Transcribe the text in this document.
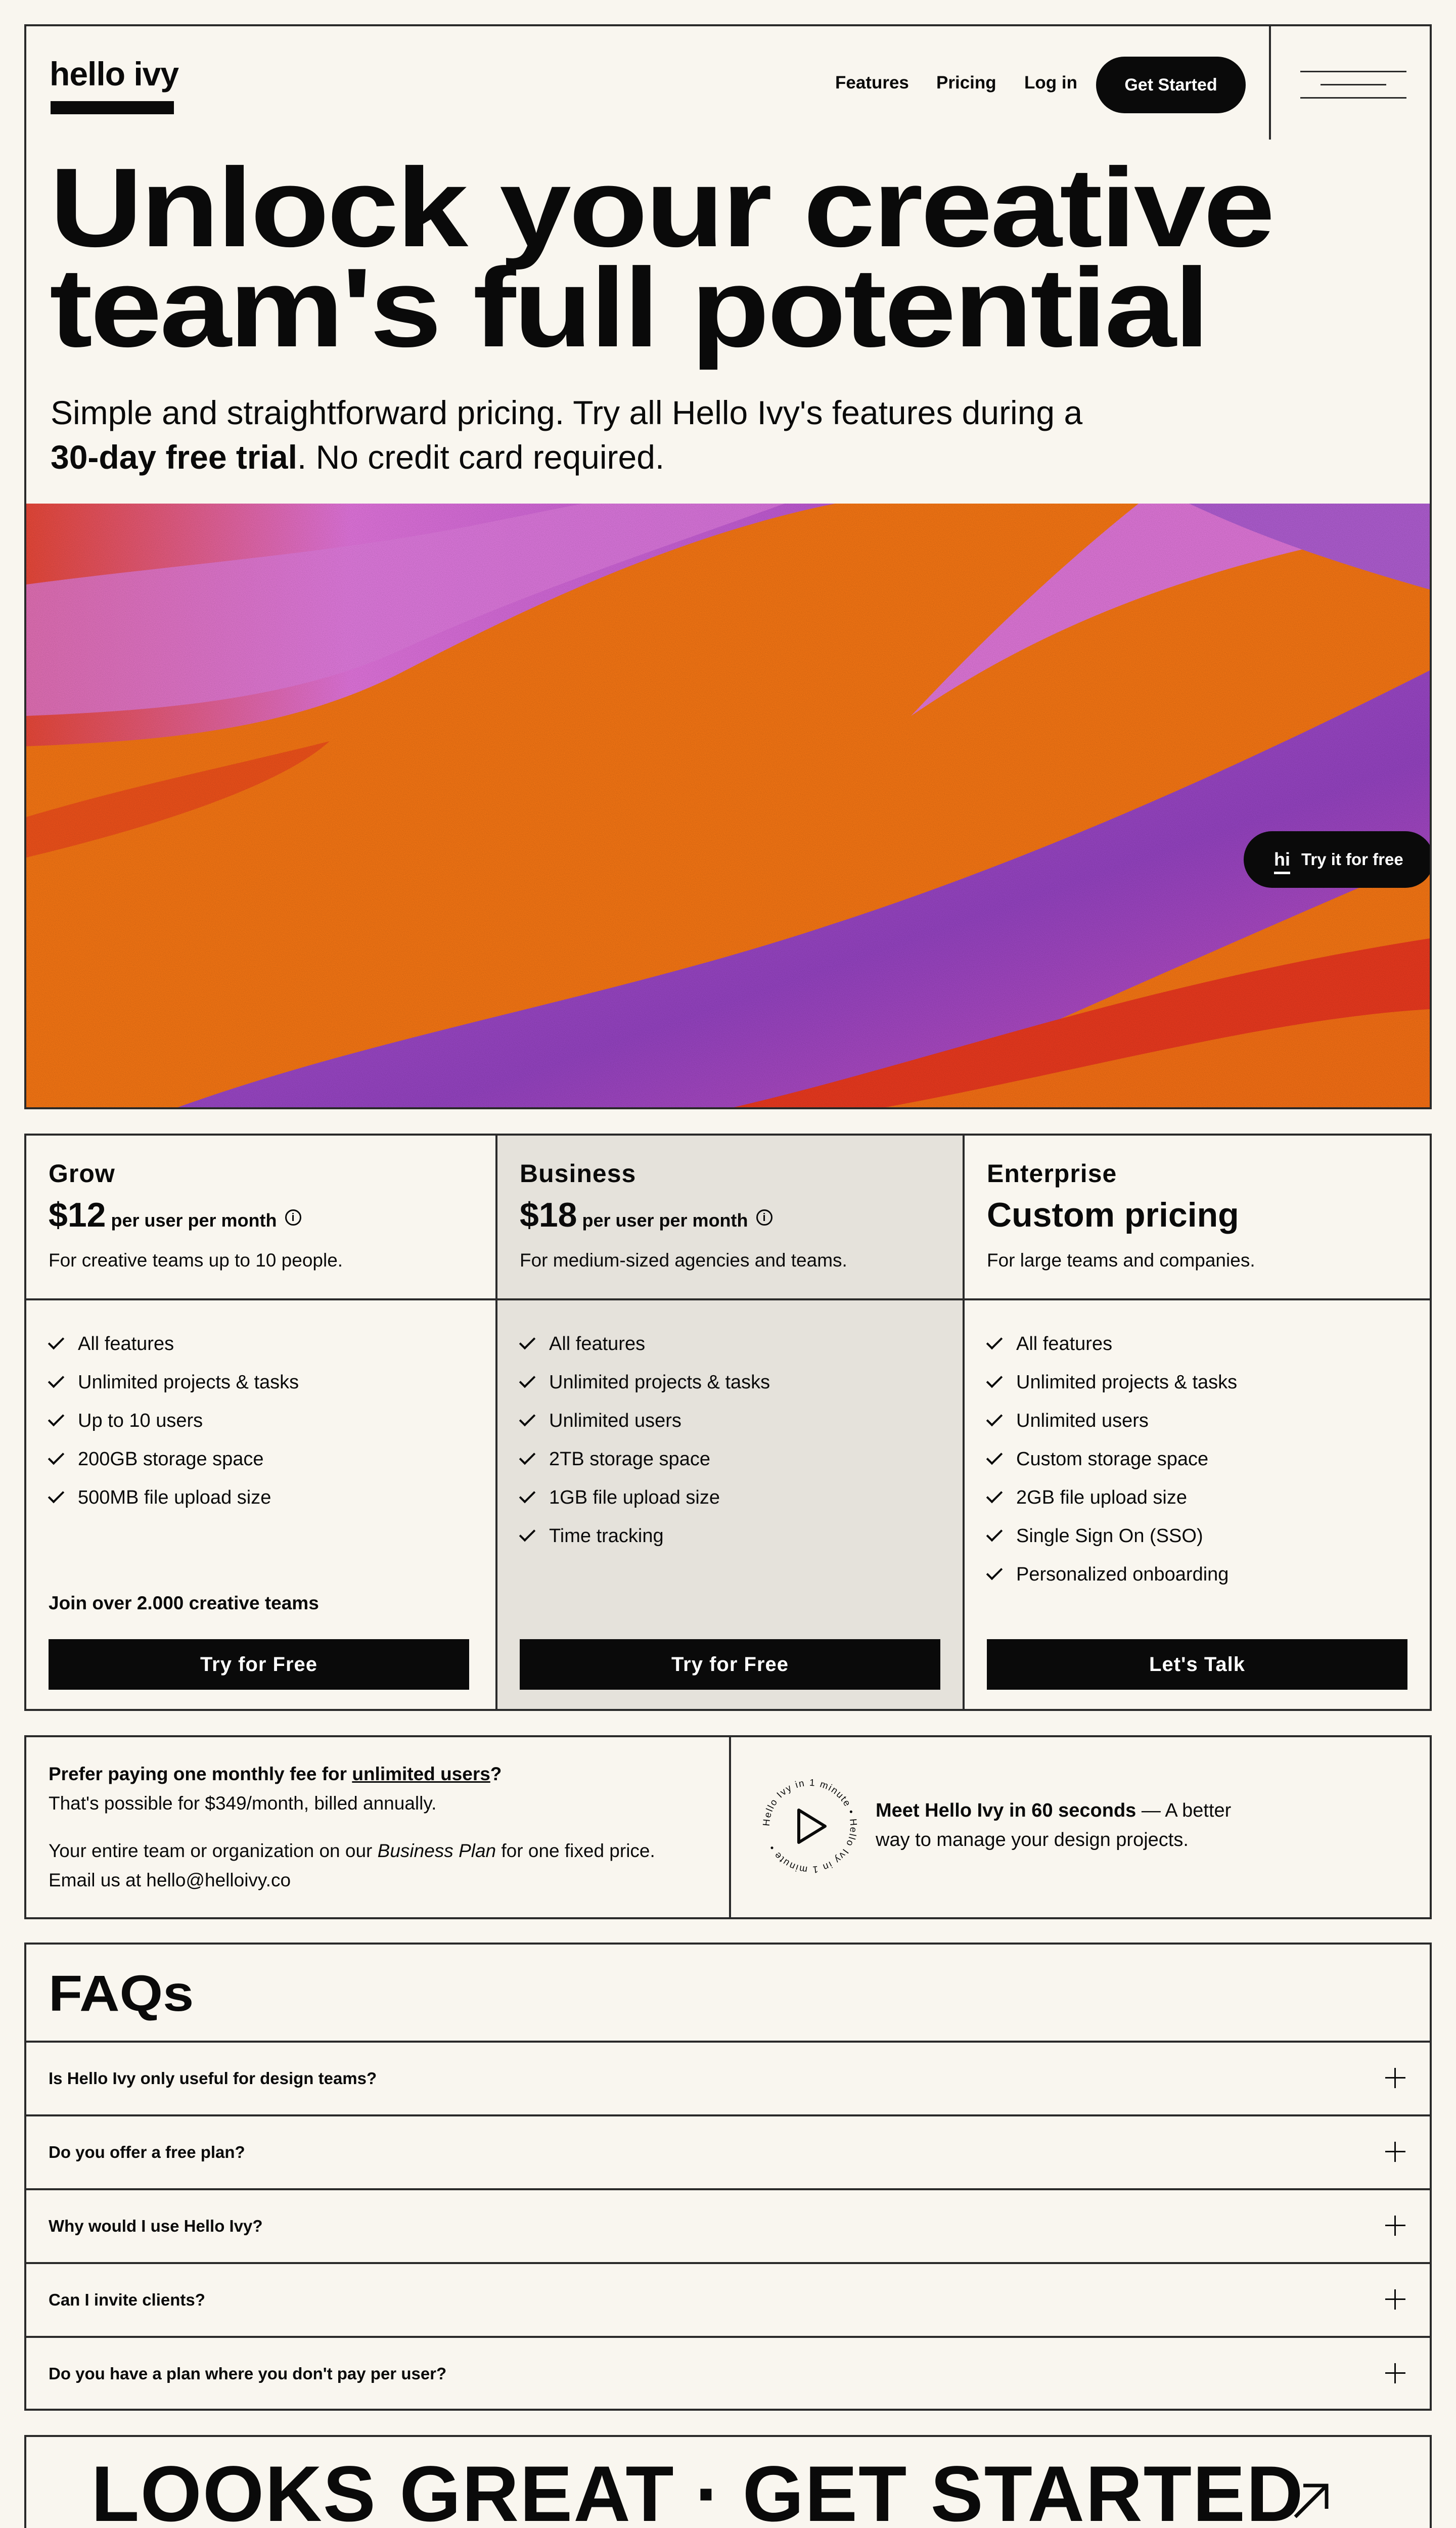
hello ivy	Features Pricing Log in	Get Started
Unlock your creative
team's full potential

Simple and straightforward pricing. Try all Hello Ivy's features during a 30-day free trial. No credit card required.

hi Try it for free
Grow
$12 per user per month i
For creative teams up to 10 people.
All features
Unlimited projects & tasks
Up to 10 users
200GB storage space
500MB file upload size
Join over 2.000 creative teams
Try for Free
Business
$18 per user per month i
For medium-sized agencies and teams.
All features
Unlimited projects & tasks
Unlimited users
2TB storage space
1GB file upload size
Time tracking
Try for Free
Enterprise
Custom pricing
For large teams and companies.
All features
Unlimited projects & tasks
Unlimited users
Custom storage space
2GB file upload size
Single Sign On (SSO)
Personalized onboarding
Let's Talk
Prefer paying one monthly fee for unlimited users?
That's possible for $349/month, billed annually.
Your entire team or organization on our Business Plan for one fixed price. Email us at hello@helloivy.co
Hello Ivy in 1 minute • Hello Ivy in 1 minute •
Meet Hello Ivy in 60 seconds — A better way to manage your design projects.
FAQs
Is Hello Ivy only useful for design teams?
Do you offer a free plan?
Why would I use Hello Ivy?
Can I invite clients?
Do you have a plan where you don't pay per user?
LOOKS GREAT · GET STARTED
